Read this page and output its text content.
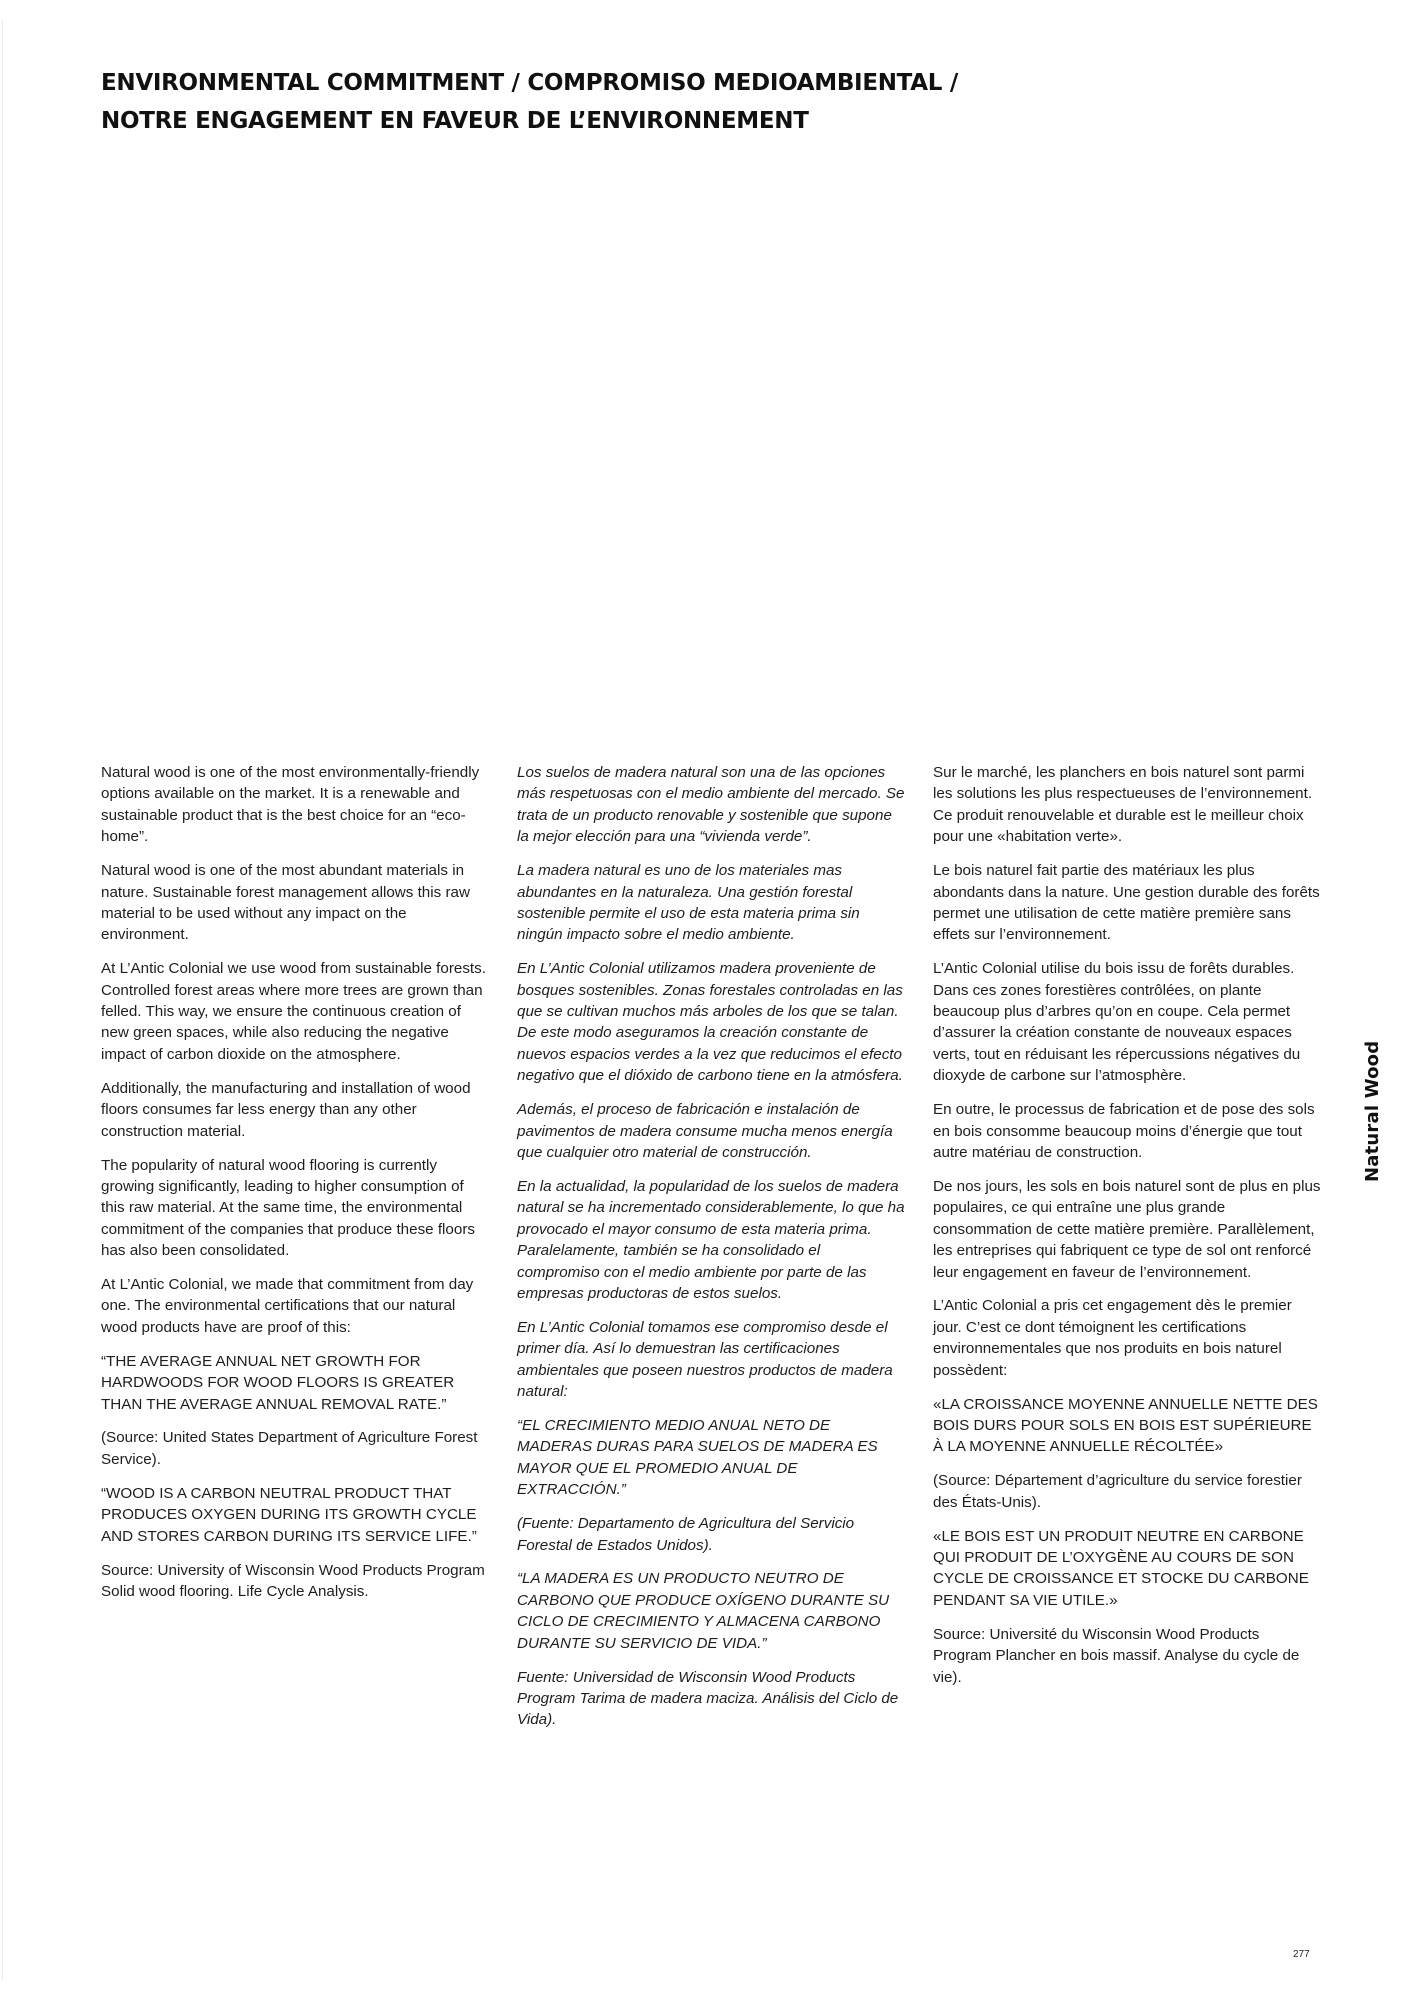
ENVIRONMENTAL COMMITMENT / COMPROMISO MEDIOAMBIENTAL /
NOTRE ENGAGEMENT EN FAVEUR DE L’ENVIRONNEMENT

Natural wood is one of the most environmentally-friendly options available on the market. It is a renewable and sustainable product that is the best choice for an “eco-home”.

Natural wood is one of the most abundant materials in nature. Sustainable forest management allows this raw material to be used without any impact on the environment.

At L’Antic Colonial we use wood from sustainable forests. Controlled forest areas where more trees are grown than felled. This way, we ensure the continuous creation of new green spaces, while also reducing the negative impact of carbon dioxide on the atmosphere.

Additionally, the manufacturing and installation of wood floors consumes far less energy than any other construction material.

The popularity of natural wood flooring is currently growing significantly, leading to higher consumption of this raw material. At the same time, the environmental commitment of the companies that produce these floors has also been consolidated.

At L’Antic Colonial, we made that commitment from day one. The environmental certifications that our natural wood products have are proof of this:

“THE AVERAGE ANNUAL NET GROWTH FOR HARDWOODS FOR WOOD FLOORS IS GREATER THAN THE AVERAGE ANNUAL REMOVAL RATE.”

(Source: United States Department of Agriculture Forest Service).

“WOOD IS A CARBON NEUTRAL PRODUCT THAT PRODUCES OXYGEN DURING ITS GROWTH CYCLE AND STORES CARBON DURING ITS SERVICE LIFE.”

Source: University of Wisconsin Wood Products Program Solid wood flooring. Life Cycle Analysis.

Los suelos de madera natural son una de las opciones más respetuosas con el medio ambiente del mercado. Se trata de un producto renovable y sostenible que supone la mejor elección para una “vivienda verde”.

La madera natural es uno de los materiales mas abundantes en la naturaleza. Una gestión forestal sostenible permite el uso de esta materia prima sin ningún impacto sobre el medio ambiente.

En L’Antic Colonial utilizamos madera proveniente de bosques sostenibles. Zonas forestales controladas en las que se cultivan muchos más arboles de los que se talan. De este modo aseguramos la creación constante de nuevos espacios verdes a la vez que reducimos el efecto negativo que el dióxido de carbono tiene en la atmósfera.

Además, el proceso de fabricación e instalación de pavimentos de madera consume mucha menos energía que cualquier otro material de construcción.

En la actualidad, la popularidad de los suelos de madera natural se ha incrementado considerablemente, lo que ha provocado el mayor consumo de esta materia prima. Paralelamente, también se ha consolidado el compromiso con el medio ambiente por parte de las empresas productoras de estos suelos.

En L’Antic Colonial tomamos ese compromiso desde el primer día. Así lo demuestran las certificaciones ambientales que poseen nuestros productos de madera natural:

“EL CRECIMIENTO MEDIO ANUAL NETO DE MADERAS DURAS PARA SUELOS DE MADERA ES MAYOR QUE EL PROMEDIO ANUAL DE EXTRACCIÓN.”

(Fuente: Departamento de Agricultura del Servicio Forestal de Estados Unidos).

“LA MADERA ES UN PRODUCTO NEUTRO DE CARBONO QUE PRODUCE OXÍGENO DURANTE SU CICLO DE CRECIMIENTO Y ALMACENA CARBONO DURANTE SU SERVICIO DE VIDA.”

Fuente: Universidad de Wisconsin Wood Products Program Tarima de madera maciza. Análisis del Ciclo de Vida).

Sur le marché, les planchers en bois naturel sont parmi les solutions les plus respectueuses de l’environnement. Ce produit renouvelable et durable est le meilleur choix pour une «habitation verte».

Le bois naturel fait partie des matériaux les plus abondants dans la nature. Une gestion durable des forêts permet une utilisation de cette matière première sans effets sur l’environnement.

L’Antic Colonial utilise du bois issu de forêts durables. Dans ces zones forestières contrôlées, on plante beaucoup plus d’arbres qu’on en coupe. Cela permet d’assurer la création constante de nouveaux espaces verts, tout en réduisant les répercussions négatives du dioxyde de carbone sur l’atmosphère.

En outre, le processus de fabrication et de pose des sols en bois consomme beaucoup moins d’énergie que tout autre matériau de construction.

De nos jours, les sols en bois naturel sont de plus en plus populaires, ce qui entraîne une plus grande consommation de cette matière première. Parallèlement, les entreprises qui fabriquent ce type de sol ont renforcé leur engagement en faveur de l’environnement.

L’Antic Colonial a pris cet engagement dès le premier jour. C’est ce dont témoignent les certifications environnementales que nos produits en bois naturel possèdent:

«LA CROISSANCE MOYENNE ANNUELLE NETTE DES BOIS DURS POUR SOLS EN BOIS EST SUPÉRIEURE À LA MOYENNE ANNUELLE RÉCOLTÉE»

(Source: Département d’agriculture du service forestier des États-Unis).

«LE BOIS EST UN PRODUIT NEUTRE EN CARBONE QUI PRODUIT DE L’OXYGÈNE AU COURS DE SON CYCLE DE CROISSANCE ET STOCKE DU CARBONE PENDANT SA VIE UTILE.»

Source: Université du Wisconsin Wood Products Program Plancher en bois massif. Analyse du cycle de vie).

Natural Wood
277
